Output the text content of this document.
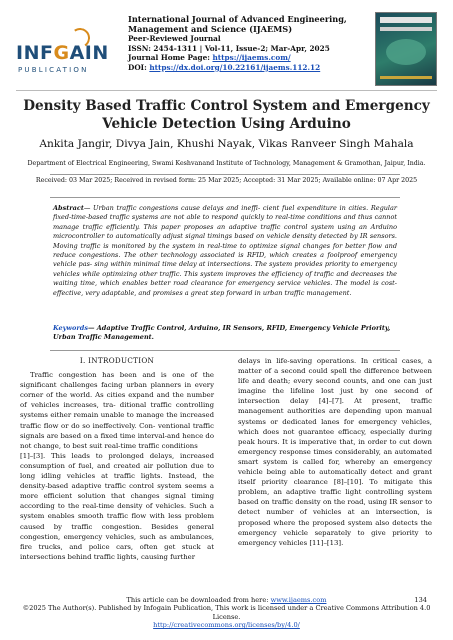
INFGAIN
PUBLICATION
International Journal of Advanced Engineering, Management and Science (IJAEMS)
Peer-Reviewed Journal
ISSN: 2454-1311 | Vol-11, Issue-2; Mar-Apr, 2025
Journal Home Page: https://ijaems.com/
DOI: https://dx.doi.org/10.22161/ijaems.112.12
Density Based Traffic Control System and Emergency Vehicle Detection Using Arduino
Ankita Jangir, Divya Jain, Khushi Nayak, Vikas Ranveer Singh Mahala
Department of Electrical Engineering, Swami Keshvanand Institute of Technology, Management & Gramothan, Jaipur, India.
Received: 03 Mar 2025; Received in revised form: 25 Mar 2025; Accepted: 31 Mar 2025; Available online: 07 Apr 2025
Abstract— Urban traffic congestions cause delays and ineffi- cient fuel expenditure in cities. Regular fixed-time-based traffic systems are not able to respond quickly to real-time conditions and thus cannot manage traffic efficiently. This paper proposes an adaptive traffic control system using an Arduino microcontroller to automatically adjust signal timings based on vehicle density detected by IR sensors. Moving traffic is monitored by the system in real-time to optimize signal changes for better flow and reduce congestions. The other technology associated is RFID, which creates a foolproof emergency vehicle pas- sing within minimal time delay at intersections. The system provides priority to emergency vehicles while optimizing other traffic. This system improves the efficiency of traffic and decreases the waiting time, which enables better road clearance for emergency service vehicles. The model is cost-effective, very adaptable, and promises a great step forward in urban traffic management.
Keywords— Adaptive Traffic Control, Arduino, IR Sensors, RFID, Emergency Vehicle Priority, Urban Traffic Management.
I. INTRODUCTION

Traffic congestion has been and is one of the significant challenges facing urban planners in every corner of the world. As cities expand and the number of vehicles increases, tra- ditional traffic controlling systems either remain unable to manage the increased traffic flow or do so ineffectively. Con- ventional traffic signals are based on a fixed time interval-and hence do not change, to best suit real-time traffic conditions

[1]–[3]. This leads to prolonged delays, increased consumption of fuel, and created air pollution due to long idling vehicles at traffic lights. Instead, the density-based adaptive traffic control system seems a more efficient solution that changes signal timing according to the real-time density of vehicles. Such a system enables smooth traffic flow with less problem caused by traffic congestion. Besides general congestion, emergency vehicles, such as ambulances, fire trucks, and police cars, often get stuck at intersections behind traffic lights, causing further

delays in life-saving operations. In critical cases, a matter of a second could spell the difference between life and death; every second counts, and one can just imagine the lifeline lost just by one second of intersection delay [4]–[7]. At present, traffic management authorities are depending upon manual systems or dedicated lanes for emergency vehicles, which does not guarantee efficacy, especially during peak hours. It is imperative that, in order to cut down emergency response times considerably, an automated smart system is called for, whereby an emergency vehicle being able to automatically detect and grant itself priority clearance [8]–[10]. To mitigate this problem, an adaptive traffic light controlling system based on traffic density on the road, using IR sensor to detect number of vehicles at an intersection, is proposed where the proposed system also detects the emergency vehicle separately to give priority to emergency vehicles [11]–[13].

This article can be downloaded from here: www.ijaems.com
©2025 The Author(s). Published by Infogain Publication, This work is licensed under a Creative Commons Attribution 4.0 License.
http://creativecommons.org/licenses/by/4.0/
134
